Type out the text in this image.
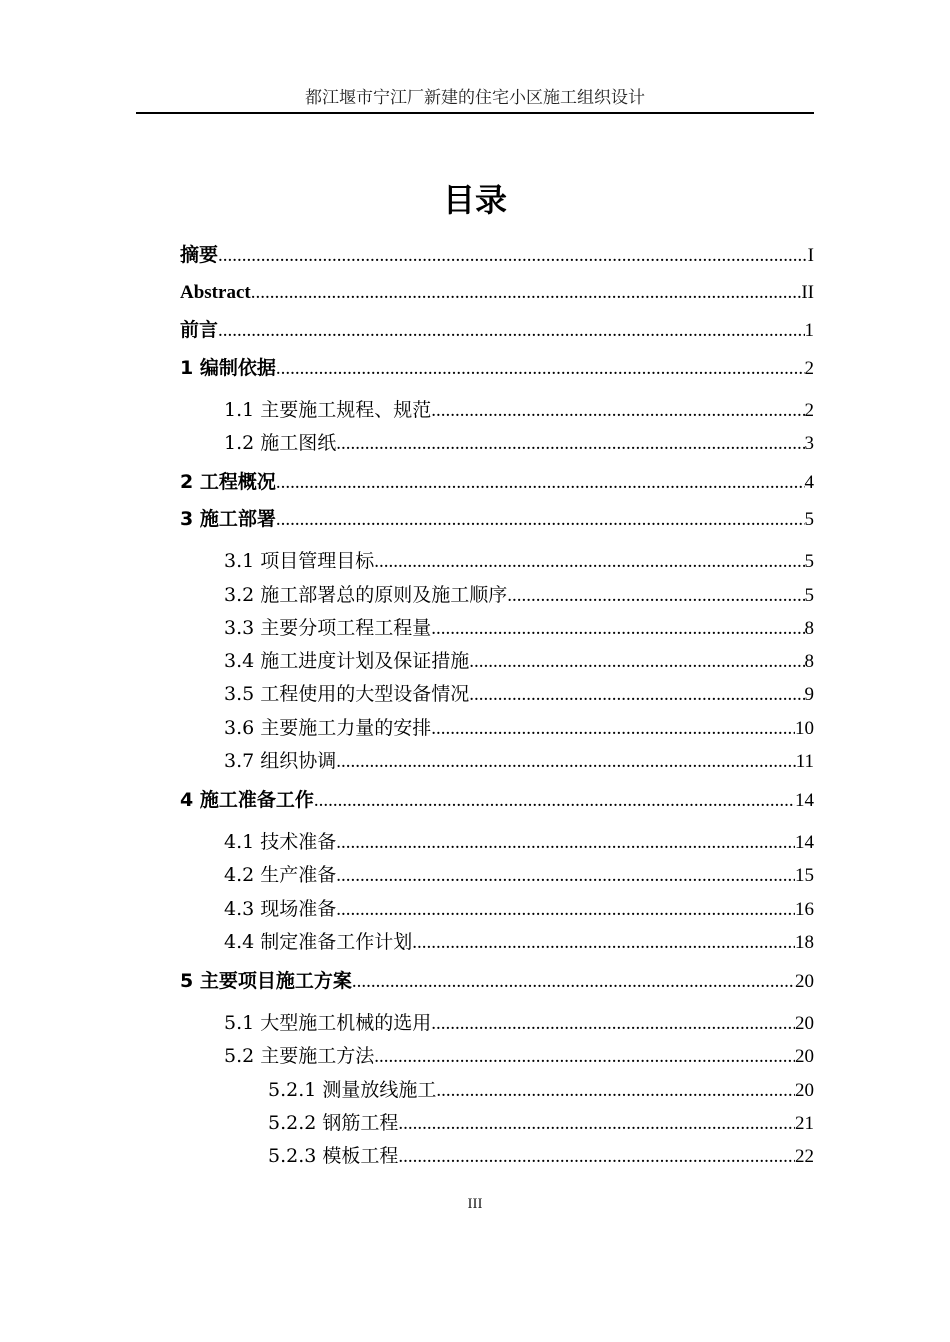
都江堰市宁江厂新建的住宅小区施工组织设计
目录
摘要 .....	I
Abstract .....	II
前言 .....	1
1 编制依据 .....	2
1.1 主要施工规程、规范 .....	2
1.2 施工图纸 .....	3
2 工程概况 .....	4
3 施工部署 .....	5
3.1 项目管理目标 .....	5
3.2 施工部署总的原则及施工顺序 .....	5
3.3 主要分项工程工程量 .....	8
3.4 施工进度计划及保证措施 .....	8
3.5 工程使用的大型设备情况 .....	9
3.6 主要施工力量的安排 .....	10
3.7 组织协调 .....	11
4 施工准备工作 .....	14
4.1 技术准备 .....	14
4.2 生产准备 .....	15
4.3 现场准备 .....	16
4.4 制定准备工作计划 .....	18
5 主要项目施工方案 .....	20
5.1 大型施工机械的选用 .....	20
5.2 主要施工方法 .....	20
5.2.1 测量放线施工 .....	20
5.2.2 钢筋工程 .....	21
5.2.3 模板工程 .....	22
III
